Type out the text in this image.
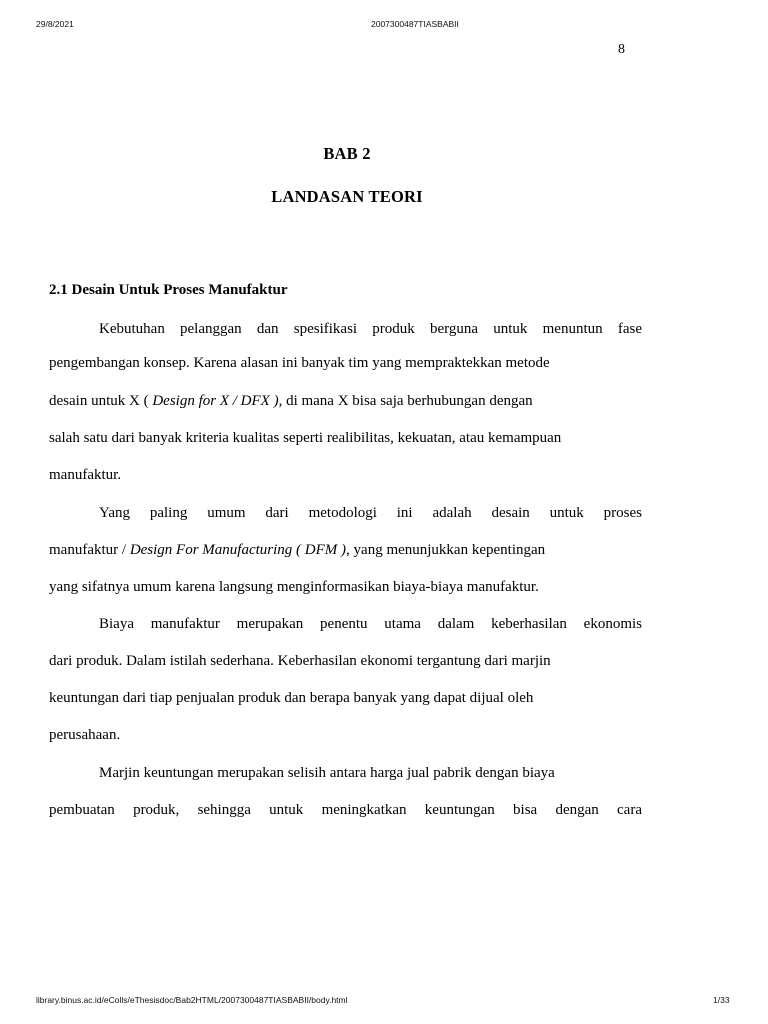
29/8/2021	2007300487TIASBABII
8
BAB 2
LANDASAN TEORI
2.1 Desain Untuk Proses Manufaktur
Kebutuhan pelanggan dan spesifikasi produk berguna untuk menuntun fase
pengembangan konsep. Karena alasan ini banyak tim yang mempraktekkan metode
desain untuk X ( Design for X / DFX ), di mana X bisa saja berhubungan dengan
salah satu dari banyak kriteria kualitas seperti realibilitas, kekuatan, atau kemampuan
manufaktur.
Yang paling umum dari metodologi ini adalah desain untuk proses
manufaktur / Design For Manufacturing ( DFM ), yang menunjukkan kepentingan
yang sifatnya umum karena langsung menginformasikan biaya-biaya manufaktur.
Biaya manufaktur merupakan penentu utama dalam keberhasilan ekonomis
dari produk. Dalam istilah sederhana. Keberhasilan ekonomi tergantung dari marjin
keuntungan dari tiap penjualan produk dan berapa banyak yang dapat dijual oleh
perusahaan.
Marjin keuntungan merupakan selisih antara harga jual pabrik dengan biaya
pembuatan produk, sehingga untuk meningkatkan keuntungan bisa dengan cara
library.binus.ac.id/eColls/eThesisdoc/Bab2HTML/2007300487TIASBABII/body.html	1/33
